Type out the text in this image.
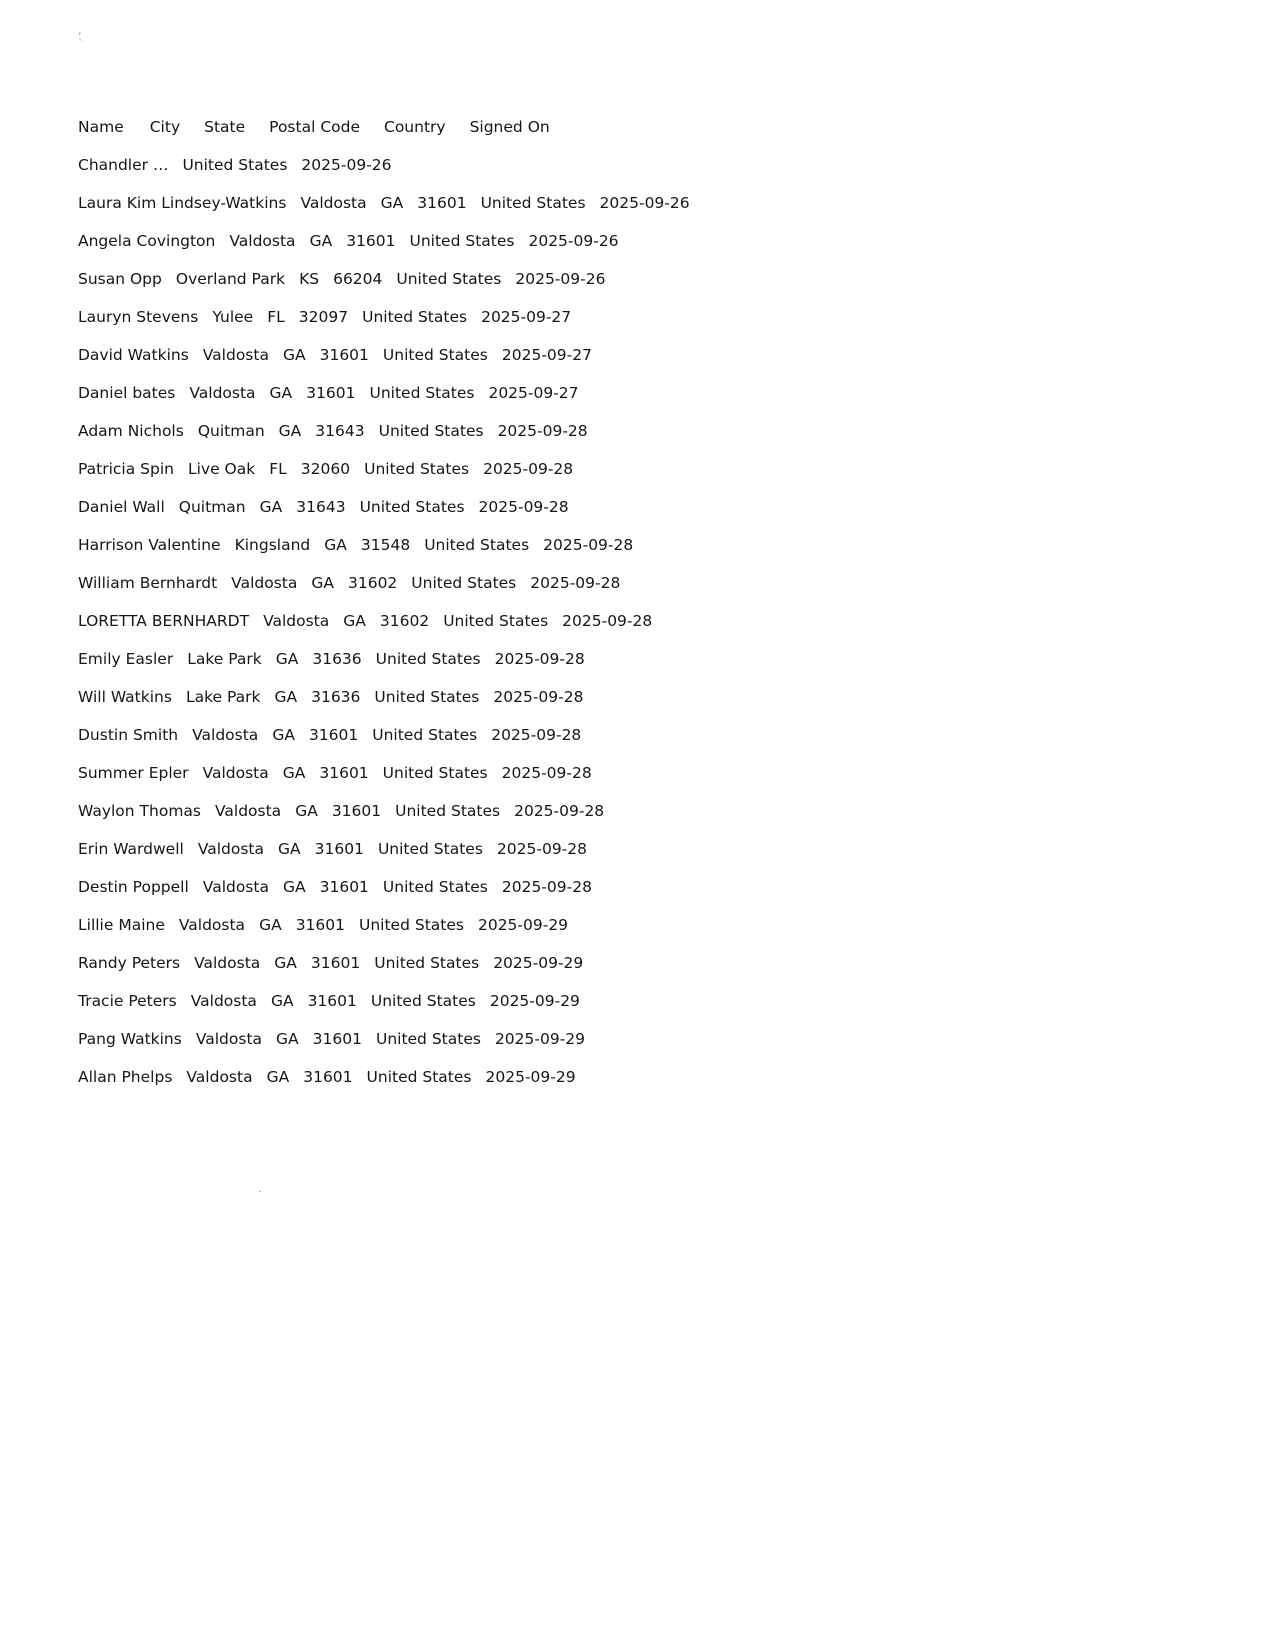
, `
Name City State Postal Code Country Signed On
Chandler … United States 2025-09-26
Laura Kim Lindsey-Watkins Valdosta GA 31601 United States 2025-09-26
Angela Covington Valdosta GA 31601 United States 2025-09-26
Susan Opp Overland Park KS 66204 United States 2025-09-26
Lauryn Stevens Yulee FL 32097 United States 2025-09-27
David Watkins Valdosta GA 31601 United States 2025-09-27
Daniel bates Valdosta GA 31601 United States 2025-09-27
Adam Nichols Quitman GA 31643 United States 2025-09-28
Patricia Spin Live Oak FL 32060 United States 2025-09-28
Daniel Wall Quitman GA 31643 United States 2025-09-28
Harrison Valentine Kingsland GA 31548 United States 2025-09-28
William Bernhardt Valdosta GA 31602 United States 2025-09-28
LORETTA BERNHARDT Valdosta GA 31602 United States 2025-09-28
Emily Easler Lake Park GA 31636 United States 2025-09-28
Will Watkins Lake Park GA 31636 United States 2025-09-28
Dustin Smith Valdosta GA 31601 United States 2025-09-28
Summer Epler Valdosta GA 31601 United States 2025-09-28
Waylon Thomas Valdosta GA 31601 United States 2025-09-28
Erin Wardwell Valdosta GA 31601 United States 2025-09-28
Destin Poppell Valdosta GA 31601 United States 2025-09-28
Lillie Maine Valdosta GA 31601 United States 2025-09-29
Randy Peters Valdosta GA 31601 United States 2025-09-29
Tracie Peters Valdosta GA 31601 United States 2025-09-29
Pang Watkins Valdosta GA 31601 United States 2025-09-29
Allan Phelps Valdosta GA 31601 United States 2025-09-29
.
